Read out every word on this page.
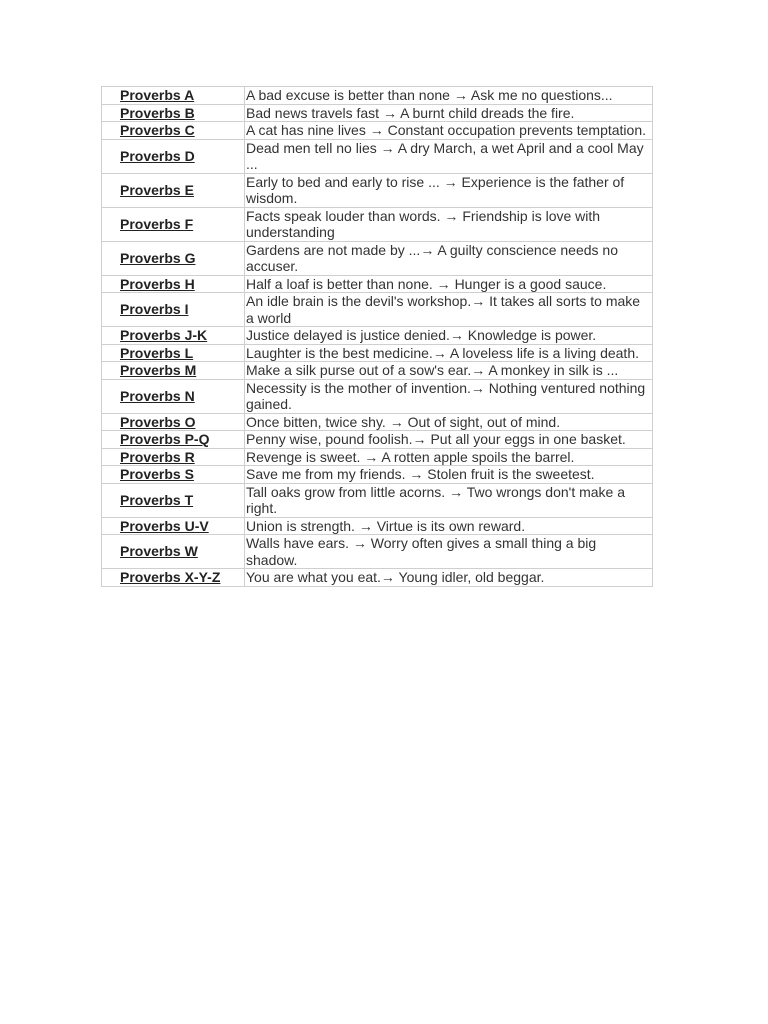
Proverbs A	A bad excuse is better than none → Ask me no questions...
Proverbs B	Bad news travels fast → A burnt child dreads the fire.
Proverbs C	A cat has nine lives → Constant occupation prevents temptation.
Proverbs D	Dead men tell no lies → A dry March, a wet April and a cool May ...
Proverbs E	Early to bed and early to rise ... → Experience is the father of wisdom.
Proverbs F	Facts speak louder than words. → Friendship is love with understanding
Proverbs G	Gardens are not made by ...→ A guilty conscience needs no accuser.
Proverbs H	Half a loaf is better than none. → Hunger is a good sauce.
Proverbs I	An idle brain is the devil's workshop.→ It takes all sorts to make a world
Proverbs J-K	Justice delayed is justice denied.→ Knowledge is power.
Proverbs L	Laughter is the best medicine.→ A loveless life is a living death.
Proverbs M	Make a silk purse out of a sow's ear.→ A monkey in silk is ...
Proverbs N	Necessity is the mother of invention.→ Nothing ventured nothing gained.
Proverbs O	Once bitten, twice shy. → Out of sight, out of mind.
Proverbs P-Q	Penny wise, pound foolish.→ Put all your eggs in one basket.
Proverbs R	Revenge is sweet. → A rotten apple spoils the barrel.
Proverbs S	Save me from my friends. → Stolen fruit is the sweetest.
Proverbs T	Tall oaks grow from little acorns. → Two wrongs don't make a right.
Proverbs U-V	Union is strength. → Virtue is its own reward.
Proverbs W	Walls have ears. → Worry often gives a small thing a big shadow.
Proverbs X-Y-Z	You are what you eat.→ Young idler, old beggar.
